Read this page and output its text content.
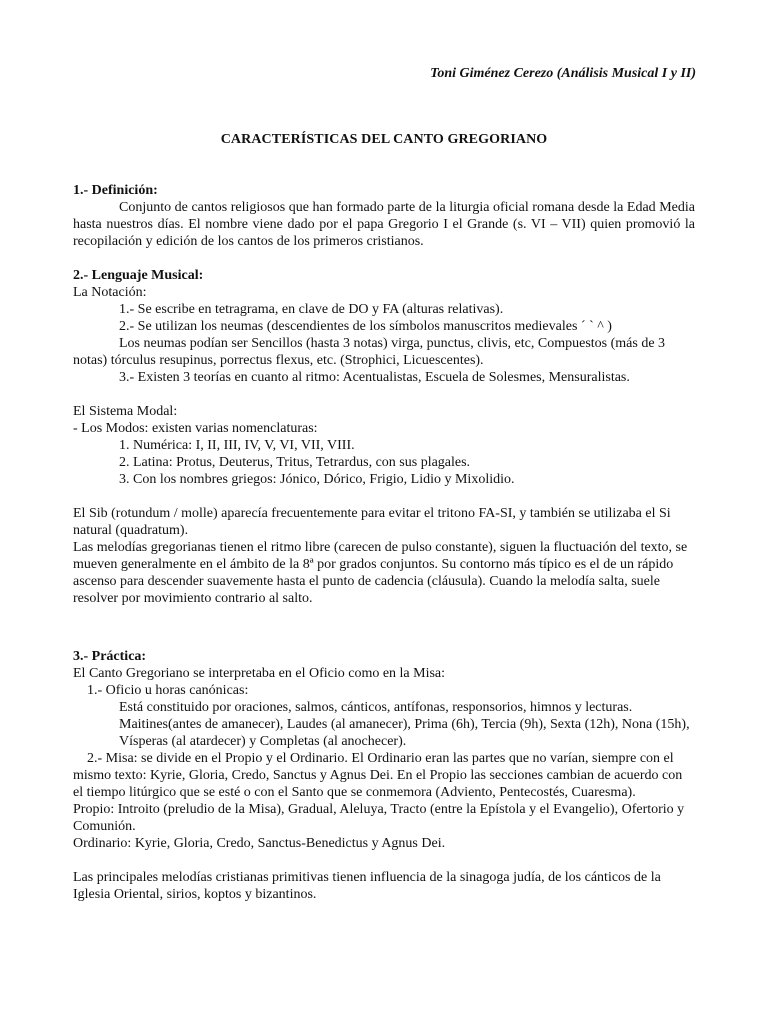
Toni Giménez Cerezo (Análisis Musical I y II)
CARACTERÍSTICAS DEL CANTO GREGORIANO
1.- Definición:
Conjunto de cantos religiosos que han formado parte de la liturgia oficial romana desde la Edad Media hasta nuestros días. El nombre viene dado por el papa Gregorio I el Grande (s. VI – VII) quien promovió la recopilación y edición de los cantos de los primeros cristianos.
2.- Lenguaje Musical:
La Notación:
1.- Se escribe en tetragrama, en clave de DO y FA (alturas relativas).
2.- Se utilizan los neumas (descendientes de los símbolos manuscritos medievales ´ ` ^ )
Los neumas podían ser Sencillos (hasta 3 notas) virga, punctus, clivis, etc, Compuestos (más de 3 notas) tórculus resupinus, porrectus flexus, etc. (Strophici, Licuescentes).
3.- Existen 3 teorías en cuanto al ritmo: Acentualistas, Escuela de Solesmes, Mensuralistas.
El Sistema Modal:
- Los Modos: existen varias nomenclaturas:
1. Numérica: I, II, III, IV, V, VI, VII, VIII.
2. Latina: Protus, Deuterus, Tritus, Tetrardus, con sus plagales.
3. Con los nombres griegos: Jónico, Dórico, Frigio, Lidio y Mixolidio.
El Sib (rotundum / molle) aparecía frecuentemente para evitar el tritono FA-SI, y también se utilizaba el Si natural (quadratum).
Las melodías gregorianas tienen el ritmo libre (carecen de pulso constante), siguen la fluctuación del texto, se mueven generalmente en el ámbito de la 8ª por grados conjuntos. Su contorno más típico es el de un rápido ascenso para descender suavemente hasta el punto de cadencia (cláusula). Cuando la melodía salta, suele resolver por movimiento contrario al salto.
3.- Práctica:
El Canto Gregoriano se interpretaba en el Oficio como en la Misa:
1.- Oficio u horas canónicas:
Está constituido por oraciones, salmos, cánticos, antífonas, responsorios, himnos y lecturas.
Maitines(antes de amanecer), Laudes (al amanecer), Prima (6h), Tercia (9h), Sexta (12h), Nona (15h), Vísperas (al atardecer) y Completas (al anochecer).
2.- Misa: se divide en el Propio y el Ordinario. El Ordinario eran las partes que no varían, siempre con el mismo texto: Kyrie, Gloria, Credo, Sanctus y Agnus Dei. En el Propio las secciones cambian de acuerdo con el tiempo litúrgico que se esté o con el Santo que se conmemora (Adviento, Pentecostés, Cuaresma).
Propio: Introito (preludio de la Misa), Gradual, Aleluya, Tracto (entre la Epístola y el Evangelio), Ofertorio y Comunión.
Ordinario: Kyrie, Gloria, Credo, Sanctus-Benedictus y Agnus Dei.
Las principales melodías cristianas primitivas tienen influencia de la sinagoga judía, de los cánticos de la Iglesia Oriental, sirios, koptos y bizantinos.
